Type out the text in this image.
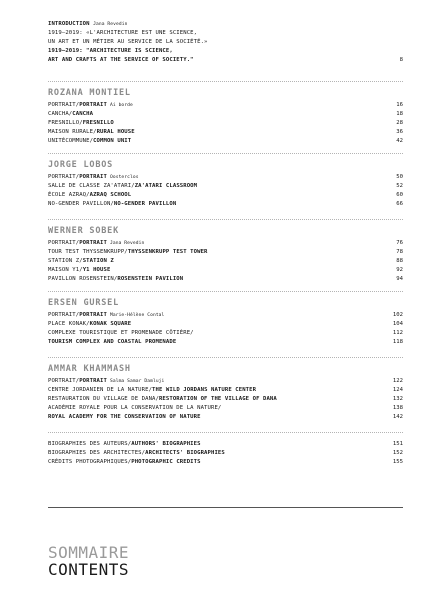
INTRODUCTION Jana Revedin
1919–2019: «L'ARCHITECTURE EST UNE SCIENCE,
UN ART ET UN MÉTIER AU SERVICE DE LA SOCIÉTÉ.»
1919–2019: "ARCHITECTURE IS SCIENCE,
ART AND CRAFTS AT THE SERVICE OF SOCIETY."	8
ROZANA MONTIEL
PORTRAIT/PORTRAIT Ai borde	16
CANCHA/CANCHA	18
FRESNILLO/FRESNILLO	28
MAISON RURALE/RURAL HOUSE	36
UNITÉCOMMUNE/COMMON UNIT	42
JORGE LOBOS
PORTRAIT/PORTRAIT Oosterclos	50
SALLE DE CLASSE ZA'ATARI/ZA'ATARI CLASSROOM	52
ÉCOLE AZRAQ/AZRAQ SCHOOL	60
NO-GENDER PAVILLON/NO-GENDER PAVILLON	66
WERNER SOBEK
PORTRAIT/PORTRAIT Jana Revedin	76
TOUR TEST THYSSENKRUPP/THYSSENKRUPP TEST TOWER	78
STATION Z/STATION Z	88
MAISON Y1/Y1 HOUSE	92
PAVILLON ROSENSTEIN/ROSENSTEIN PAVILION	94
ERSEN GURSEL
PORTRAIT/PORTRAIT Marie-Hélène Contal	102
PLACE KONAK/KONAK SQUARE	104
COMPLEXE TOURISTIQUE ET PROMENADE CÔTIÈRE/	112
TOURISM COMPLEX AND COASTAL PROMENADE	118
AMMAR KHAMMASH
PORTRAIT/PORTRAIT Salma Samar Damluji	122
CENTRE JORDANIEN DE LA NATURE/THE WILD JORDANS NATURE CENTER	124
RESTAURATION DU VILLAGE DE DANA/RESTORATION OF THE VILLAGE OF DANA	132
ACADÉMIE ROYALE POUR LA CONSERVATION DE LA NATURE/	138
ROYAL ACADEMY FOR THE CONSERVATION OF NATURE	142
BIOGRAPHIES DES AUTEURS/AUTHORS' BIOGRAPHIES	151
BIOGRAPHIES DES ARCHITECTES/ARCHITECTS' BIOGRAPHIES	152
CRÉDITS PHOTOGRAPHIQUES/PHOTOGRAPHIC CREDITS	155
SOMMAIRE
CONTENTS
